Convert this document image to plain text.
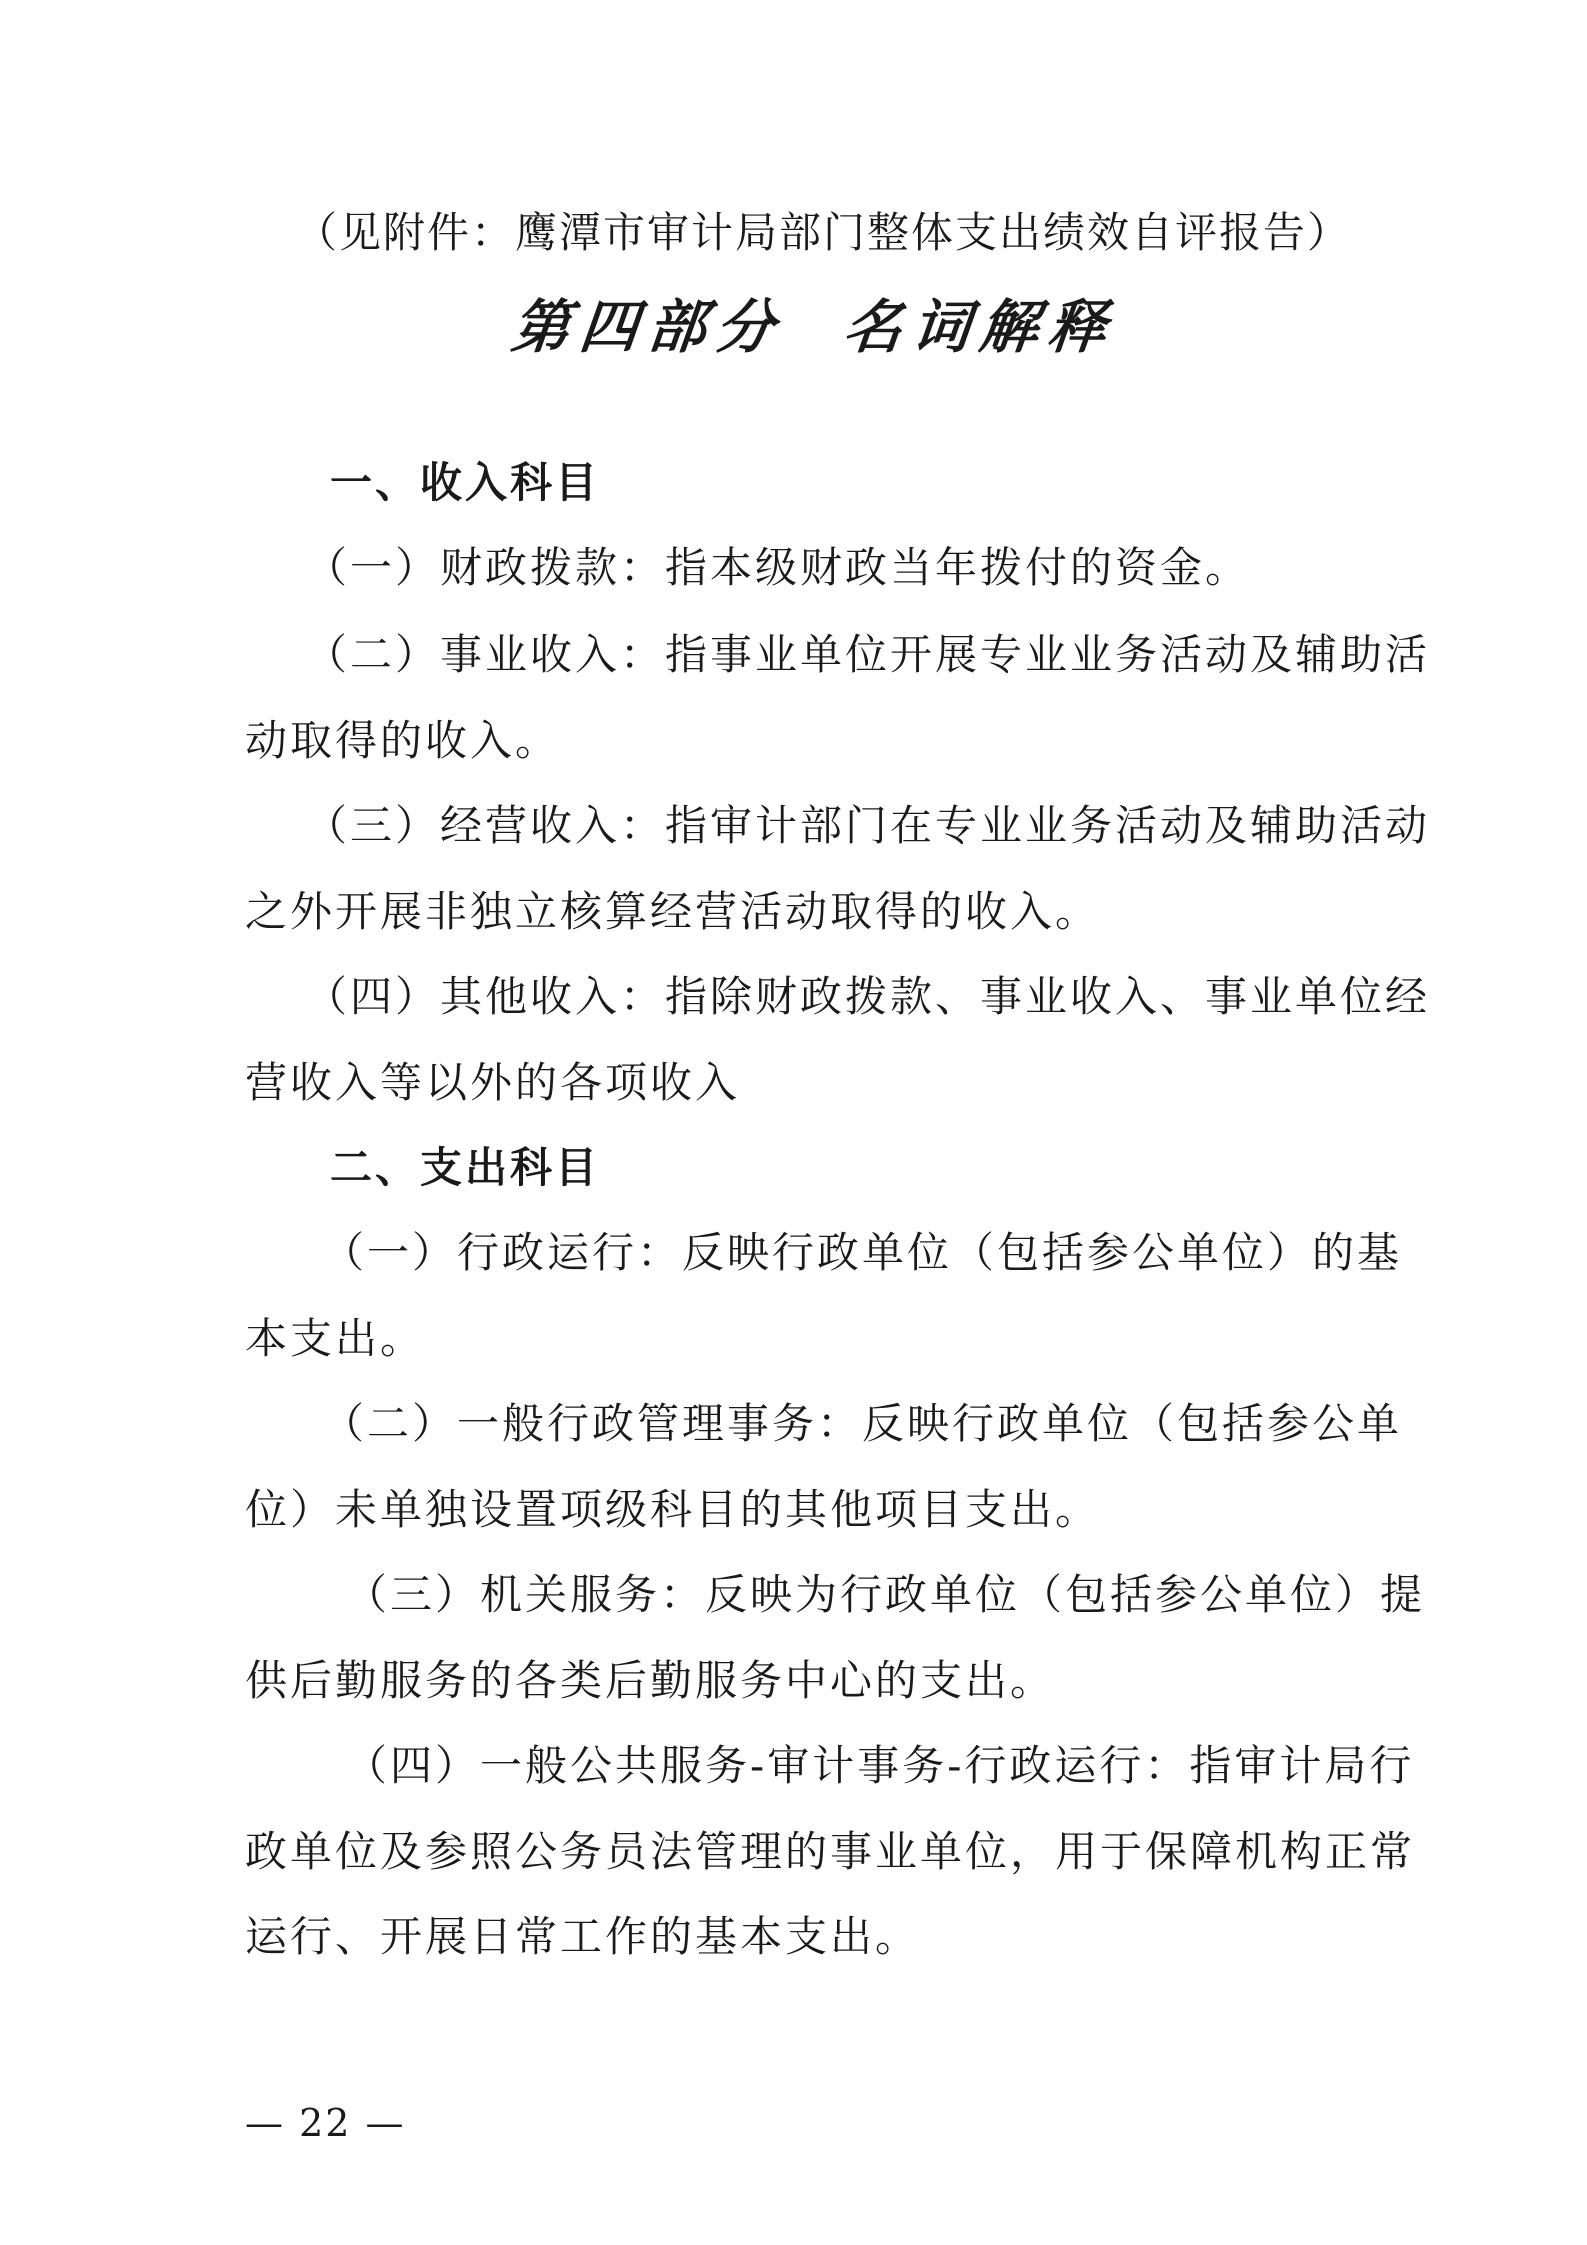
（见附件：鹰潭市审计局部门整体支出绩效自评报告）
第四部分 名词解释
一、收入科目
（一）财政拨款：指本级财政当年拨付的资金。
（二）事业收入：指事业单位开展专业业务活动及辅助活
动取得的收入。
（三）经营收入：指审计部门在专业业务活动及辅助活动
之外开展非独立核算经营活动取得的收入。
（四）其他收入：指除财政拨款、事业收入、事业单位经
营收入等以外的各项收入
二、支出科目
（一）行政运行：反映行政单位（包括参公单位）的基
本支出。
（二）一般行政管理事务：反映行政单位（包括参公单
位）未单独设置项级科目的其他项目支出。
（三）机关服务：反映为行政单位（包括参公单位）提
供后勤服务的各类后勤服务中心的支出。
（四）一般公共服务-审计事务-行政运行：指审计局行
政单位及参照公务员法管理的事业单位，用于保障机构正常
运行、开展日常工作的基本支出。
— 22 —
